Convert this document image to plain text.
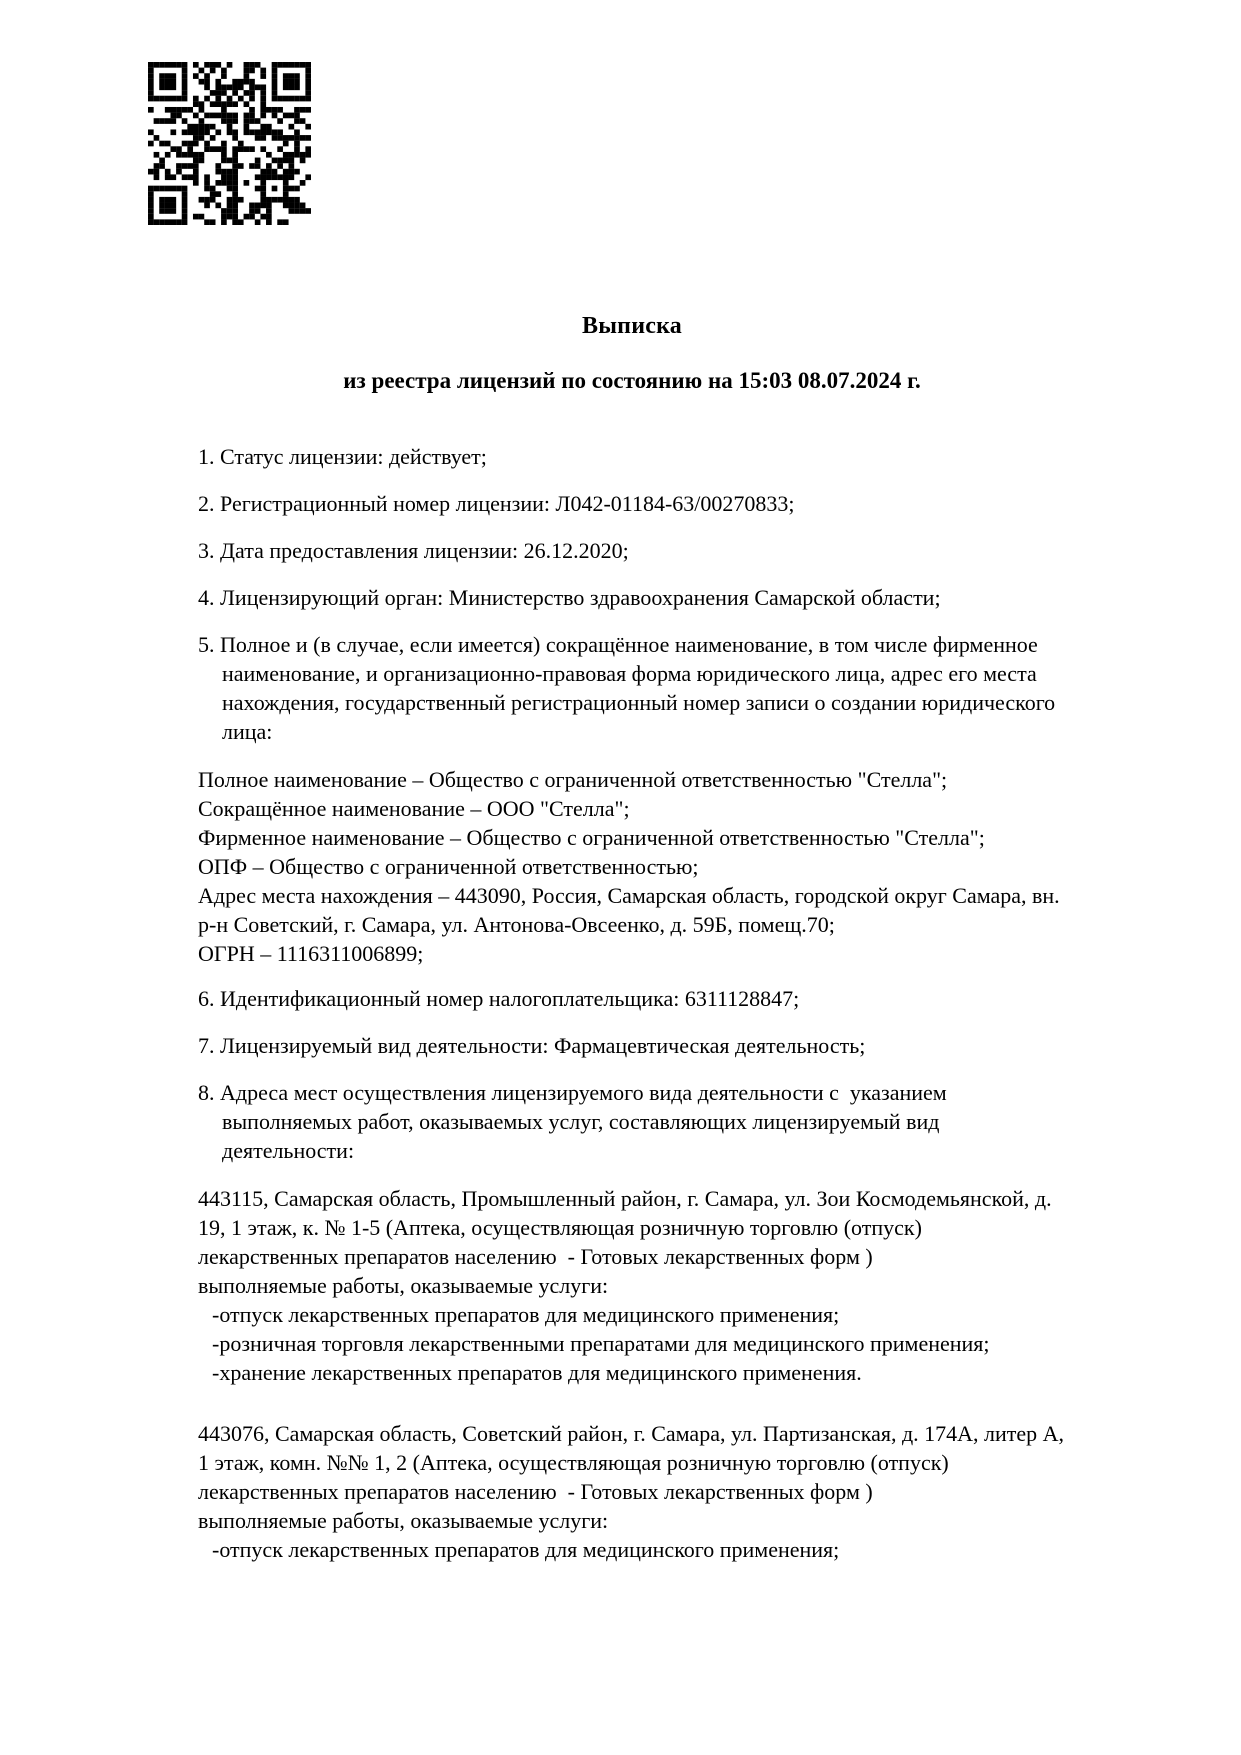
Выписка
из реестра лицензий по состоянию на 15:03 08.07.2024 г.
1. Статус лицензии: действует;
2. Регистрационный номер лицензии: Л042-01184-63/00270833;
3. Дата предоставления лицензии: 26.12.2020;
4. Лицензирующий орган: Министерство здравоохранения Самарской области;
5. Полное и (в случае, если имеется) сокращённое наименование, в том числе фирменное наименование, и организационно-правовая форма юридического лица, адрес его места нахождения, государственный регистрационный номер записи о создании юридического лица:
Полное наименование – Общество с ограниченной ответственностью "Стелла";
Сокращённое наименование – ООО "Стелла";
Фирменное наименование – Общество с ограниченной ответственностью "Стелла";
ОПФ – Общество с ограниченной ответственностью;
Адрес места нахождения – 443090, Россия, Самарская область, городской округ Самара, вн. р-н Советский, г. Самара, ул. Антонова-Овсеенко, д. 59Б, помещ.70;
ОГРН – 1116311006899;
6. Идентификационный номер налогоплательщика: 6311128847;
7. Лицензируемый вид деятельности: Фармацевтическая деятельность;
8. Адреса мест осуществления лицензируемого вида деятельности с  указанием выполняемых работ, оказываемых услуг, составляющих лицензируемый вид деятельности:
443115, Самарская область, Промышленный район, г. Самара, ул. Зои Космодемьянской, д. 19, 1 этаж, к. № 1-5 (Аптека, осуществляющая розничную торговлю (отпуск) лекарственных препаратов населению  - Готовых лекарственных форм )
выполняемые работы, оказываемые услуги:
-отпуск лекарственных препаратов для медицинского применения;
-розничная торговля лекарственными препаратами для медицинского применения;
-хранение лекарственных препаратов для медицинского применения.
443076, Самарская область, Советский район, г. Самара, ул. Партизанская, д. 174А, литер А, 1 этаж, комн. №№ 1, 2 (Аптека, осуществляющая розничную торговлю (отпуск) лекарственных препаратов населению  - Готовых лекарственных форм )
выполняемые работы, оказываемые услуги:
-отпуск лекарственных препаратов для медицинского применения;
